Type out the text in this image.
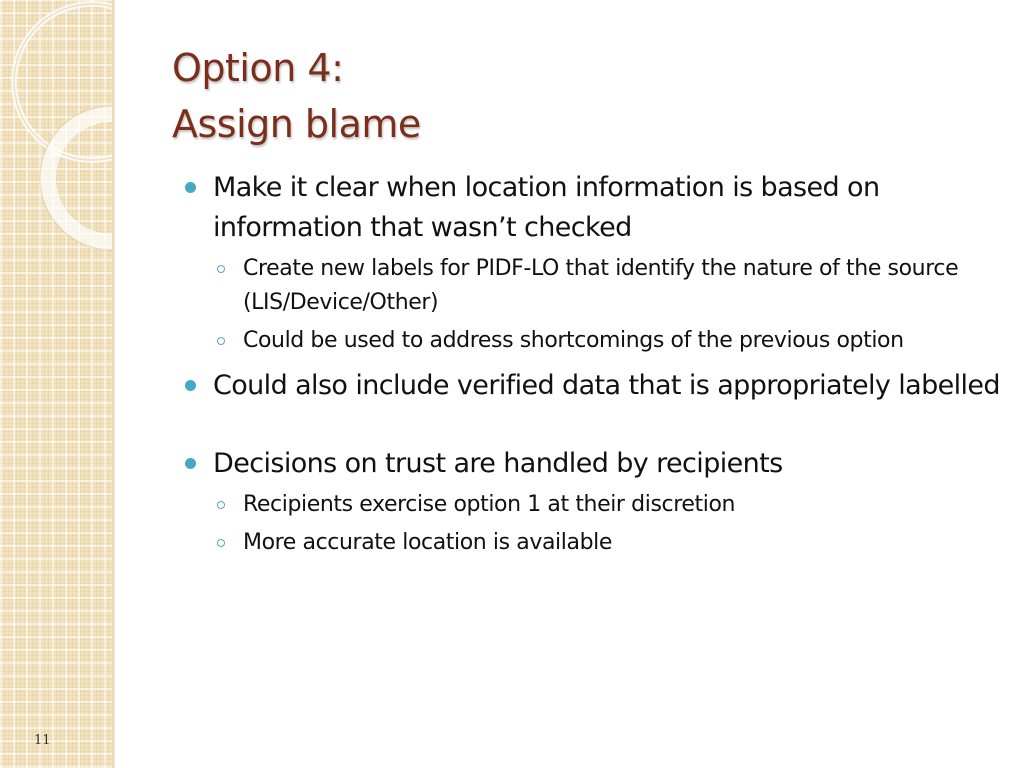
11
Option 4:
Assign blame
Make it clear when location information is based on information that wasn’t checked
Create new labels for PIDF-LO that identify the nature of the source (LIS/Device/Other)
Could be used to address shortcomings of the previous option
Could also include verified data that is appropriately labelled
Decisions on trust are handled by recipients
Recipients exercise option 1 at their discretion
More accurate location is available
